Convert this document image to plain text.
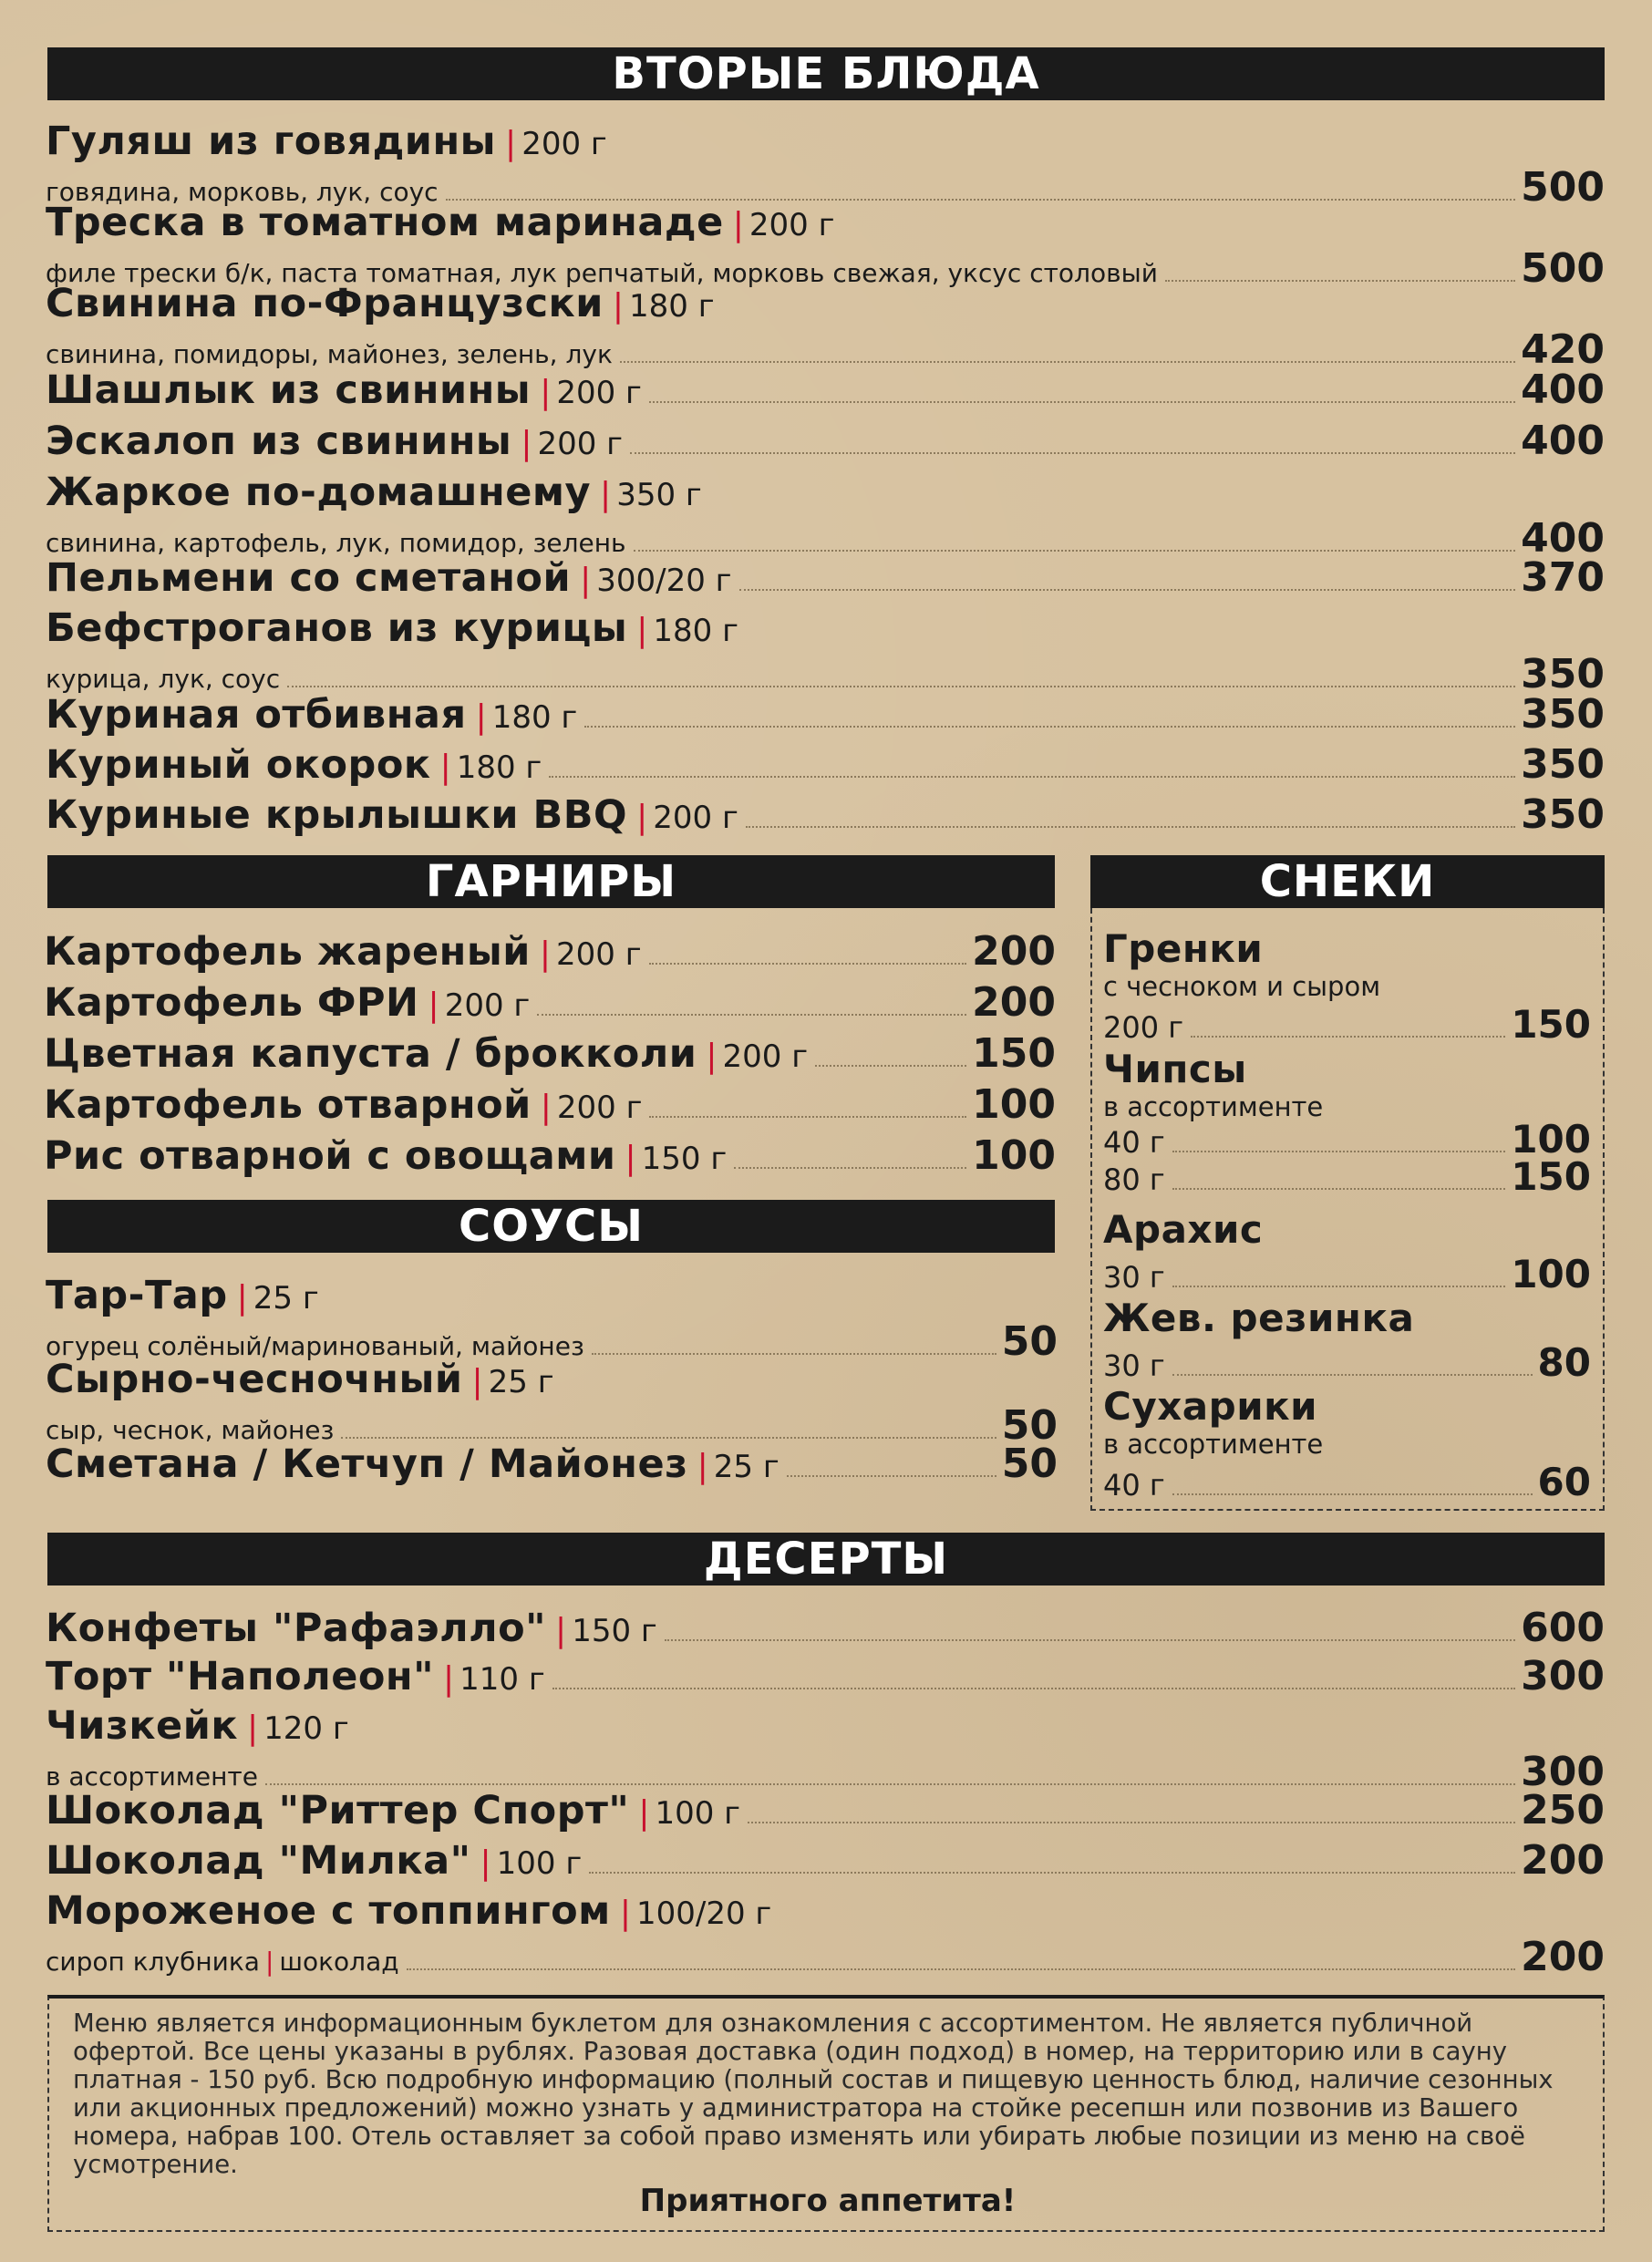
ВТОРЫЕ БЛЮДА
Гуляш из говядины | 200 г
говядина, морковь, лук, соус	500
Треска в томатном маринаде | 200 г
филе трески б/к, паста томатная, лук репчатый, морковь свежая, уксус столовый	500
Свинина по-Французски | 180 г
свинина, помидоры, майонез, зелень, лук	420
Шашлык из свинины | 200 г	400
Эскалоп из свинины | 200 г	400
Жаркое по-домашнему | 350 г
свинина, картофель, лук, помидор, зелень	400
Пельмени со сметаной | 300/20 г	370
Бефстроганов из курицы | 180 г
курица, лук, соус	350
Куриная отбивная | 180 г	350
Куриный окорок | 180 г	350
Куриные крылышки BBQ | 200 г	350
ГАРНИРЫ
Картофель жареный | 200 г	200
Картофель ФРИ | 200 г	200
Цветная капуста / брокколи | 200 г	150
Картофель отварной | 200 г	100
Рис отварной с овощами | 150 г	100
СОУСЫ
Тар-Тар | 25 г
огурец солёный/маринованый, майонез	50
Сырно-чесночный | 25 г
сыр, чеснок, майонез	50
Сметана / Кетчуп / Майонез | 25 г	50
СНЕКИ
Гренки
с чесноком и сыром
200 г	150
Чипсы
в ассортименте
40 г	100
80 г	150
Арахис
30 г	100
Жев. резинка
30 г	80
Сухарики
в ассортименте
40 г	60
ДЕСЕРТЫ
Конфеты "Рафаэлло" | 150 г	600
Торт "Наполеон" | 110 г	300
Чизкейк | 120 г
в ассортименте	300
Шоколад "Риттер Спорт" | 100 г	250
Шоколад "Милка" | 100 г	200
Мороженое с топпингом | 100/20 г
сироп клубника | шоколад	200

Меню является информационным буклетом для ознакомления с ассортиментом. Не является публичной офертой. Все цены указаны в рублях. Разовая доставка (один подход) в номер, на территорию или в сауну платная - 150 руб. Всю подробную информацию (полный состав и пищевую ценность блюд, наличие сезонных или акционных предложений) можно узнать у администратора на стойке ресепшн или позвонив из Вашего номера, набрав 100. Отель оставляет за собой право изменять или убирать любые позиции из меню на своё усмотрение.

Приятного аппетита!
